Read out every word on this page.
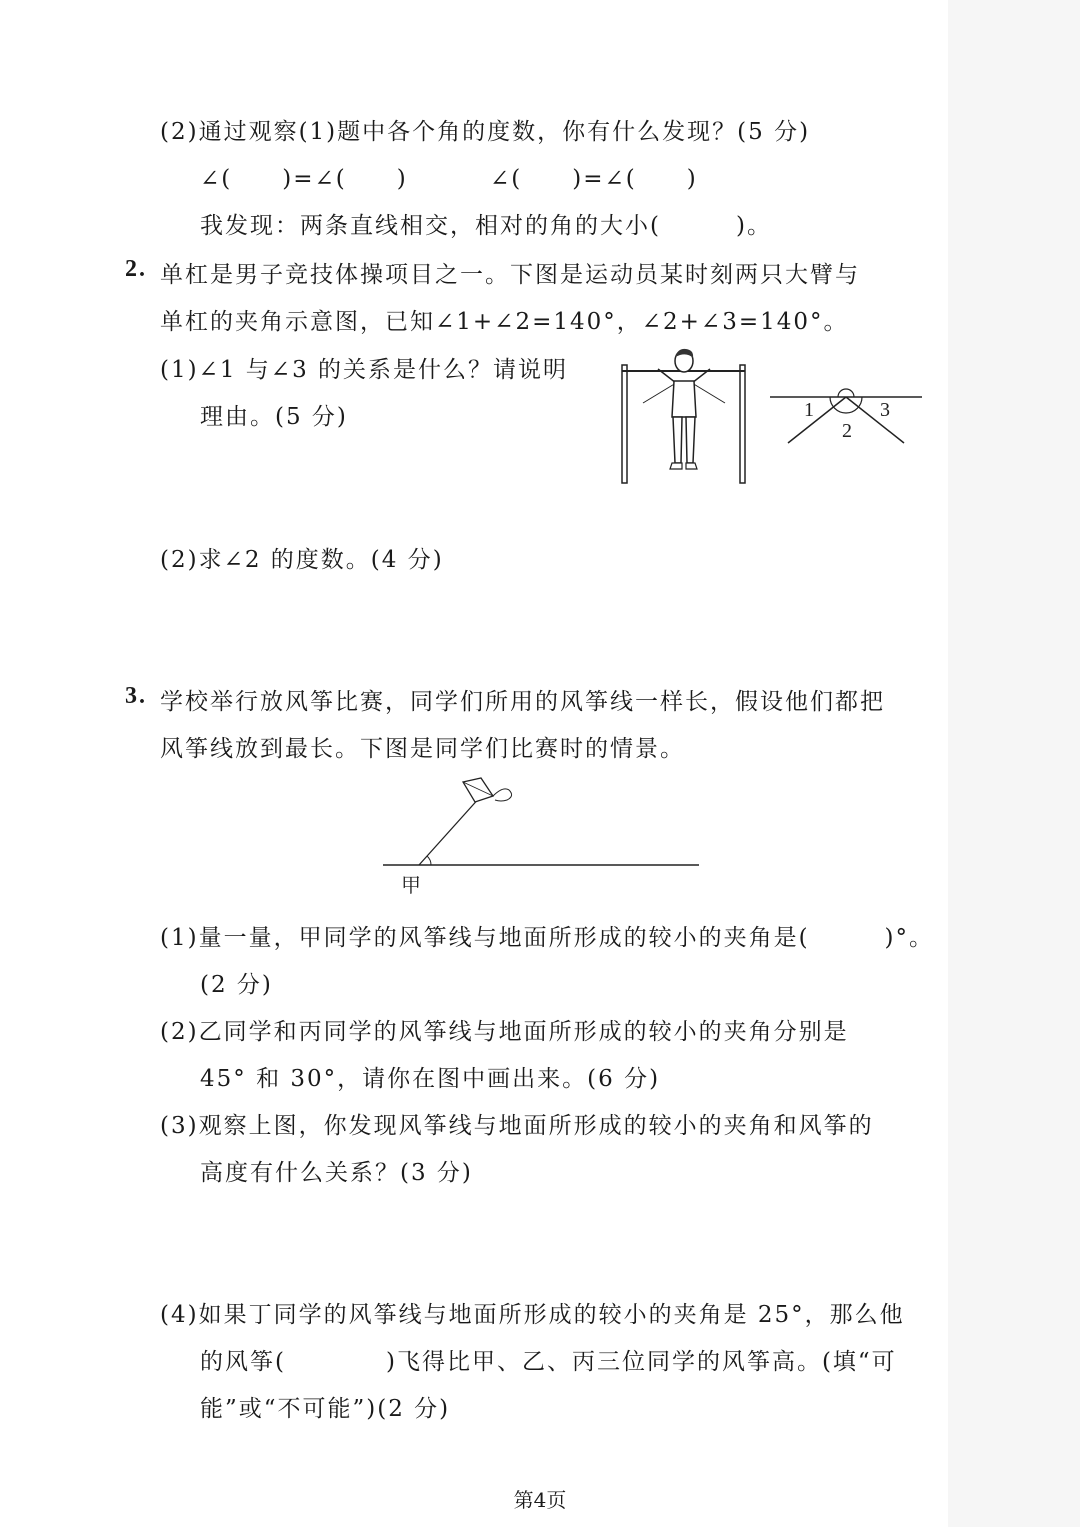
(2)通过观察(1)题中各个角的度数，你有什么发现？(5 分)
∠(　　)=∠(　　)	∠(　　)=∠(　　)
我发现：两条直线相交，相对的角的大小(　　　)。
2. 单杠是男子竞技体操项目之一。下图是运动员某时刻两只大臂与
单杠的夹角示意图，已知∠1+∠2=140°，∠2+∠3=140°。
(1)∠1 与∠3 的关系是什么？请说明
理由。(5 分)	1
2
3
(2)求∠2 的度数。(4 分)
3. 学校举行放风筝比赛，同学们所用的风筝线一样长，假设他们都把
风筝线放到最长。下图是同学们比赛时的情景。
甲
(1)量一量，甲同学的风筝线与地面所形成的较小的夹角是(　　　)°。
(2 分)
(2)乙同学和丙同学的风筝线与地面所形成的较小的夹角分别是
45° 和 30°，请你在图中画出来。(6 分)
(3)观察上图，你发现风筝线与地面所形成的较小的夹角和风筝的
高度有什么关系？(3 分)
(4)如果丁同学的风筝线与地面所形成的较小的夹角是 25°，那么他
的风筝(　　　　)飞得比甲、乙、丙三位同学的风筝高。(填“可
能”或“不可能”)(2 分)
第4页
